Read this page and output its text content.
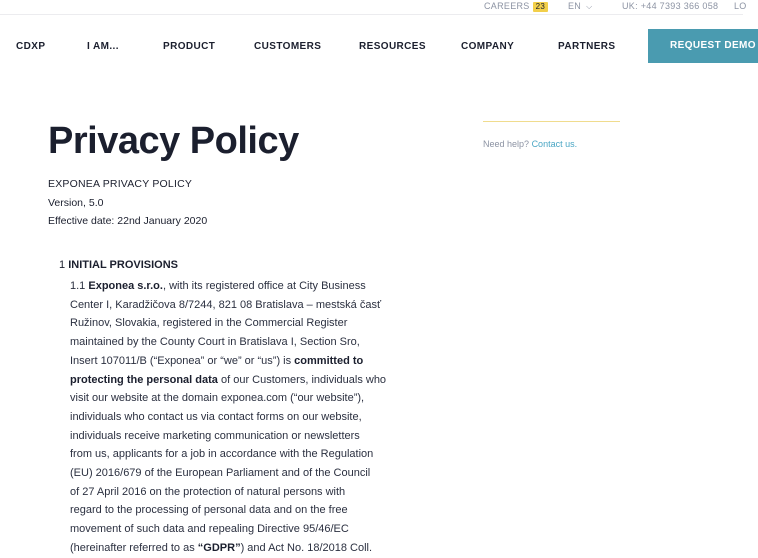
CAREERS 23	EN ⌵	UK: +44 7393 366 058 LO
CDXP	I AM...	PRODUCT	CUSTOMERS	RESOURCES	COMPANY	PARTNERS	REQUEST DEMO
Privacy Policy
EXPONEA PRIVACY POLICY
Version, 5.0
Effective date: 22nd January 2020
Need help? Contact us.
1 INITIAL PROVISIONS
1.1 Exponea s.r.o., with its registered office at City Business
Center I, Karadžičova 8/7244, 821 08 Bratislava – mestská časť
Ružinov, Slovakia, registered in the Commercial Register
maintained by the County Court in Bratislava I, Section Sro,
Insert 107011/B (“Exponea” or “we” or “us”) is committed to
protecting the personal data of our Customers, individuals who
visit our website at the domain exponea.com (“our website”),
individuals who contact us via contact forms on our website,
individuals receive marketing communication or newsletters
from us, applicants for a job in accordance with the Regulation
(EU) 2016/679 of the European Parliament and of the Council
of 27 April 2016 on the protection of natural persons with
regard to the processing of personal data and on the free
movement of such data and repealing Directive 95/46/EC
(hereinafter referred to as “GDPR”) and Act No. 18/2018 Coll.
